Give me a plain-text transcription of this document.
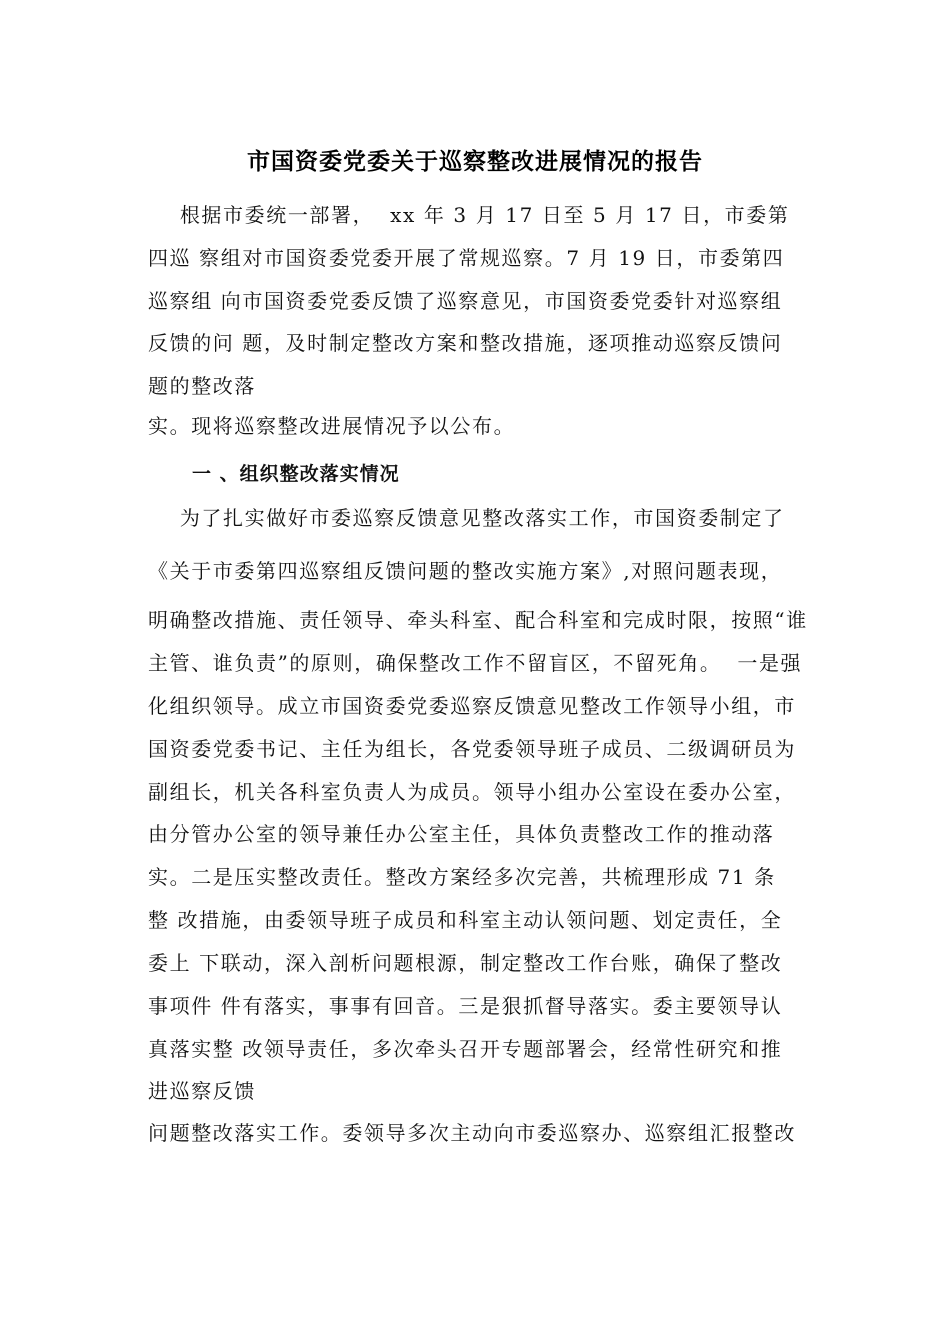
市国资委党委关于巡察整改进展情况的报告
根据市委统一部署，  xx 年 3 月 17 日至 5 月 17 日，市委第
四巡 察组对市国资委党委开展了常规巡察。7 月 19 日，市委第四
巡察组 向市国资委党委反馈了巡察意见，市国资委党委针对巡察组
反馈的问 题，及时制定整改方案和整改措施，逐项推动巡察反馈问
题的整改落
实。现将巡察整改进展情况予以公布。
一 、组织整改落实情况
为了扎实做好市委巡察反馈意见整改落实工作，市国资委制定了
《关于市委第四巡察组反馈问题的整改实施方案》,对照问题表现，
明确整改措施、责任领导、牵头科室、配合科室和完成时限，按照“谁
主管、谁负责”的原则，确保整改工作不留盲区，不留死角。  一是强
化组织领导。成立市国资委党委巡察反馈意见整改工作领导小组，市
国资委党委书记、主任为组长，各党委领导班子成员、二级调研员为
副组长，机关各科室负责人为成员。领导小组办公室设在委办公室，
由分管办公室的领导兼任办公室主任，具体负责整改工作的推动落
实。二是压实整改责任。整改方案经多次完善，共梳理形成 71 条
整 改措施，由委领导班子成员和科室主动认领问题、划定责任，全
委上 下联动，深入剖析问题根源，制定整改工作台账，确保了整改
事项件 件有落实，事事有回音。三是狠抓督导落实。委主要领导认
真落实整 改领导责任，多次牵头召开专题部署会，经常性研究和推
进巡察反馈
问题整改落实工作。委领导多次主动向市委巡察办、巡察组汇报整改
